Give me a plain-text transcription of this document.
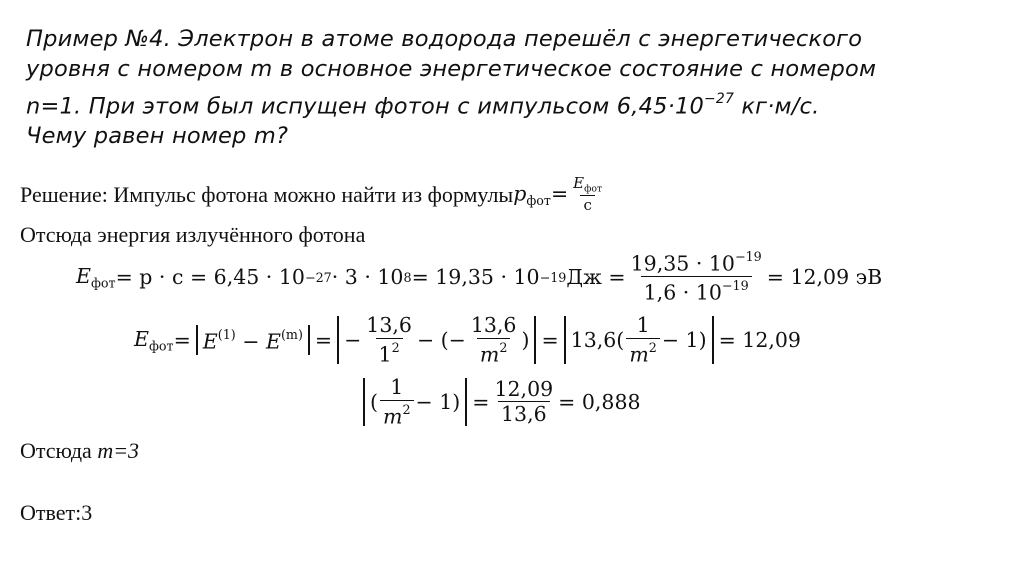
Пример №4. Электрон в атоме водорода перешёл с энергетического
уровня с номером m в основное энергетическое состояние с номером
n=1. При этом был испущен фотон с импульсом $6,45\cdot 10^{-27}$ кг·м/с.
Чему равен номер m?
Решение: Импульс фотона можно найти из формулы $p_{фот}= \frac{E_{фот}}{с}$
Отсюда энергия излучённого фотона
$E_{фот} = p \cdot c = 6,45 \cdot 10 -27 \cdot 3 \cdot 10$ 8 = 19,35 · 10 −19 Дж = $\frac{19,35 \cdot 10^{-19}}{1,6 \cdot 10^{-19}} = 12,09$ эВ
$E_{фот} = E^{(1)} - E^{(m)}$ = − $\frac{13,6}{1^2}$ − (− $\frac{13,6}{m^2}$ ) = $13,6( \frac{1}{m^2} - 1) = 12,09$
( $\frac{1}{m^2} - 1) = \frac{12,09}{13,6} = 0,888$
Отсюда m=3
Ответ:3
